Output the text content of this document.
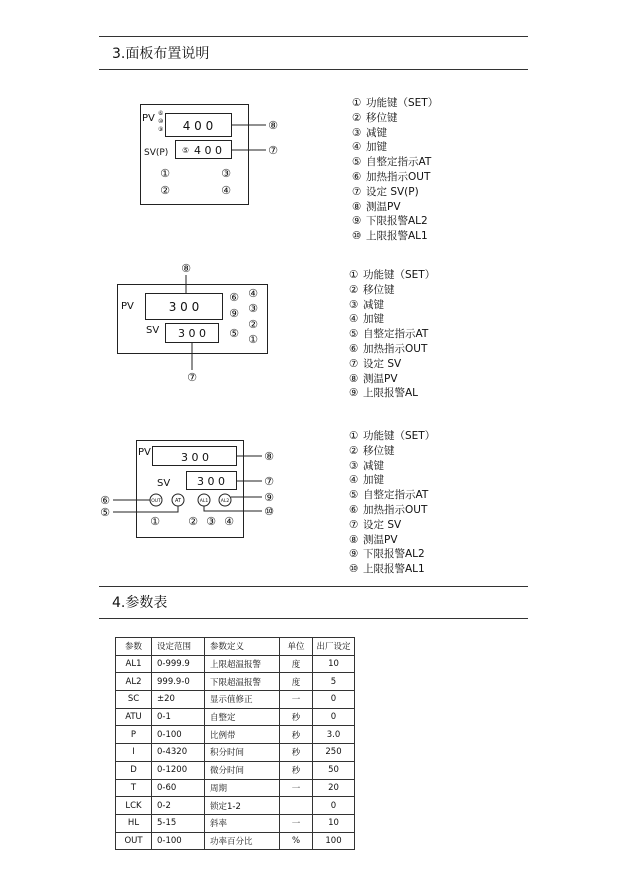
3.面板布置说明
PV ⑥
⑩
⑨ 4 0 0	⑧
SV(P) ⑤ 4 0 0	⑦
①	③
②	④
① 功能键（SET）
② 移位键
③ 减键
④ 加键
⑤ 自整定指示AT
⑥ 加热指示OUT
⑦ 设定 SV(P)
⑧ 测温PV
⑨ 下限报警AL2
⑩ 上限报警AL1
⑧
PV	3 0 0
SV 3 0 0
⑦
⑥
⑨
⑤
④
③
②
①
① 功能键（SET）
② 移位键
③ 减键
④ 加键
⑤ 自整定指示AT
⑥ 加热指示OUT
⑦ 设定 SV
⑧ 测温PV
⑨ 上限报警AL
PV	3 0 0	⑧
SV 3 0 0	⑦
OUT	AT	AL1	AL2
⑥
⑤
⑨
⑩
①	② ③ ④
① 功能键（SET）
② 移位键
③ 减键
④ 加键
⑤ 自整定指示AT
⑥ 加热指示OUT
⑦ 设定 SV
⑧ 测温PV
⑨ 下限报警AL2
⑩ 上限报警AL1
4.参数表
参数	设定范围	参数定义	单位	出厂设定
AL1	0-999.9	上限超温报警	度	10
AL2	999.9-0	下限超温报警	度	5
SC	±20	显示值修正	一	0
ATU	0-1	自整定	秒	0
P	0-100	比例带	秒	3.0
I	0-4320	积分时间	秒	250
D	0-1200	微分时间	秒	50
T	0-60	周期	一	20
LCK	0-2	锁定1-2		0
HL	5-15	斜率	一	10
OUT	0-100	功率百分比	%	100
